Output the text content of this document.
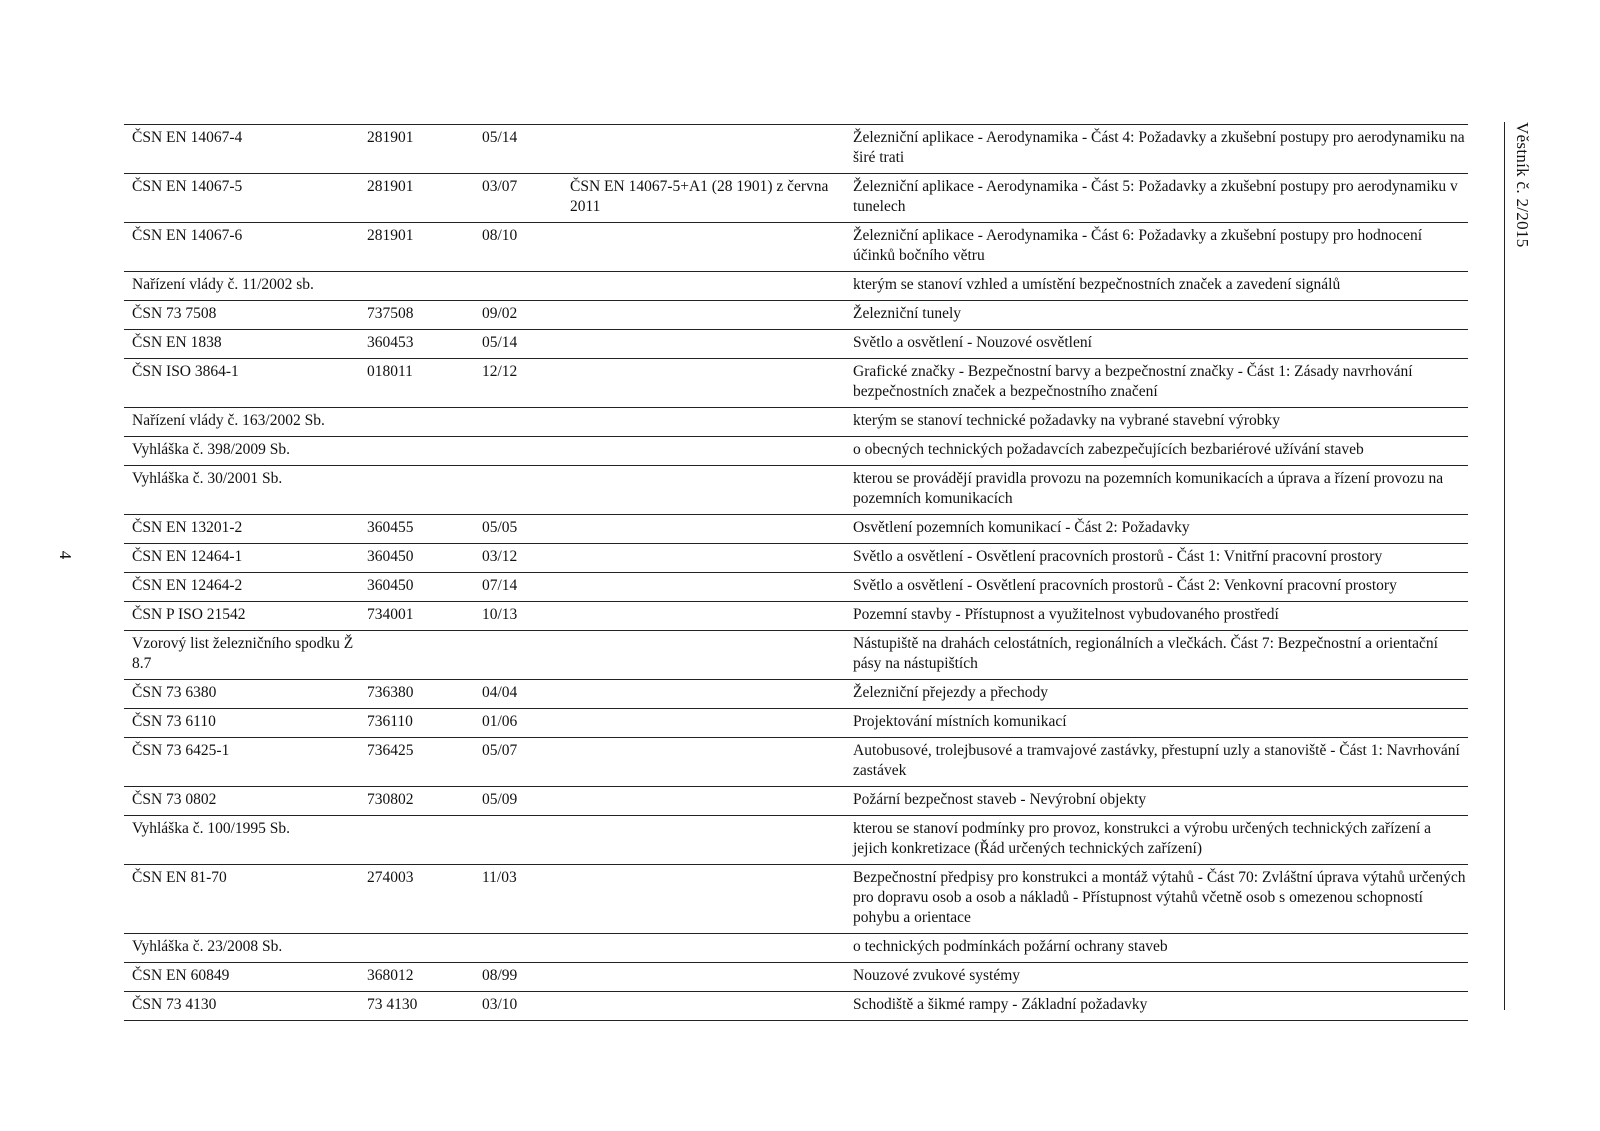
4
Věstník č. 2/2015
ČSN EN 14067-4	281901	05/14		Železniční aplikace - Aerodynamika - Část 4: Požadavky a zkušební postupy pro aerodynamiku na širé trati
ČSN EN 14067-5	281901	03/07	ČSN EN 14067-5+A1 (28 1901) z června 2011	Železniční aplikace - Aerodynamika - Část 5: Požadavky a zkušební postupy pro aerodynamiku v tunelech
ČSN EN 14067-6	281901	08/10		Železniční aplikace - Aerodynamika - Část 6: Požadavky a zkušební postupy pro hodnocení účinků bočního větru
Nařízení vlády č. 11/2002 sb.				kterým se stanoví vzhled a umístění bezpečnostních značek a zavedení signálů
ČSN 73 7508	737508	09/02		Železniční tunely
ČSN EN 1838	360453	05/14		Světlo a osvětlení - Nouzové osvětlení
ČSN ISO 3864-1	018011	12/12		Grafické značky - Bezpečnostní barvy a bezpečnostní značky - Část 1: Zásady navrhování bezpečnostních značek a bezpečnostního značení
Nařízení vlády č. 163/2002 Sb.				kterým se stanoví technické požadavky na vybrané stavební výrobky
Vyhláška č. 398/2009 Sb.				o obecných technických požadavcích zabezpečujících bezbariérové užívání staveb
Vyhláška č. 30/2001 Sb.				kterou se provádějí pravidla provozu na pozemních komunikacích a úprava a řízení provozu na pozemních komunikacích
ČSN EN 13201-2	360455	05/05		Osvětlení pozemních komunikací - Část 2: Požadavky
ČSN EN 12464-1	360450	03/12		Světlo a osvětlení - Osvětlení pracovních prostorů - Část 1: Vnitřní pracovní prostory
ČSN EN 12464-2	360450	07/14		Světlo a osvětlení - Osvětlení pracovních prostorů - Část 2: Venkovní pracovní prostory
ČSN P ISO 21542	734001	10/13		Pozemní stavby - Přístupnost a využitelnost vybudovaného prostředí
Vzorový list železničního spodku Ž 8.7				Nástupiště na drahách celostátních, regionálních a vlečkách. Část 7: Bezpečnostní a orientační pásy na nástupištích
ČSN 73 6380	736380	04/04		Železniční přejezdy a přechody
ČSN 73 6110	736110	01/06		Projektování místních komunikací
ČSN 73 6425-1	736425	05/07		Autobusové, trolejbusové a tramvajové zastávky, přestupní uzly a stanoviště - Část 1: Navrhování zastávek
ČSN 73 0802	730802	05/09		Požární bezpečnost staveb - Nevýrobní objekty
Vyhláška č. 100/1995 Sb.				kterou se stanoví podmínky pro provoz, konstrukci a výrobu určených technických zařízení a jejich konkretizace (Řád určených technických zařízení)
ČSN EN 81-70	274003	11/03		Bezpečnostní předpisy pro konstrukci a montáž výtahů - Část 70: Zvláštní úprava výtahů určených pro dopravu osob a osob a nákladů - Přístupnost výtahů včetně osob s omezenou schopností pohybu a orientace
Vyhláška č. 23/2008 Sb.				o technických podmínkách požární ochrany staveb
ČSN EN 60849	368012	08/99		Nouzové zvukové systémy
ČSN 73 4130	73 4130	03/10		Schodiště a šikmé rampy - Základní požadavky
